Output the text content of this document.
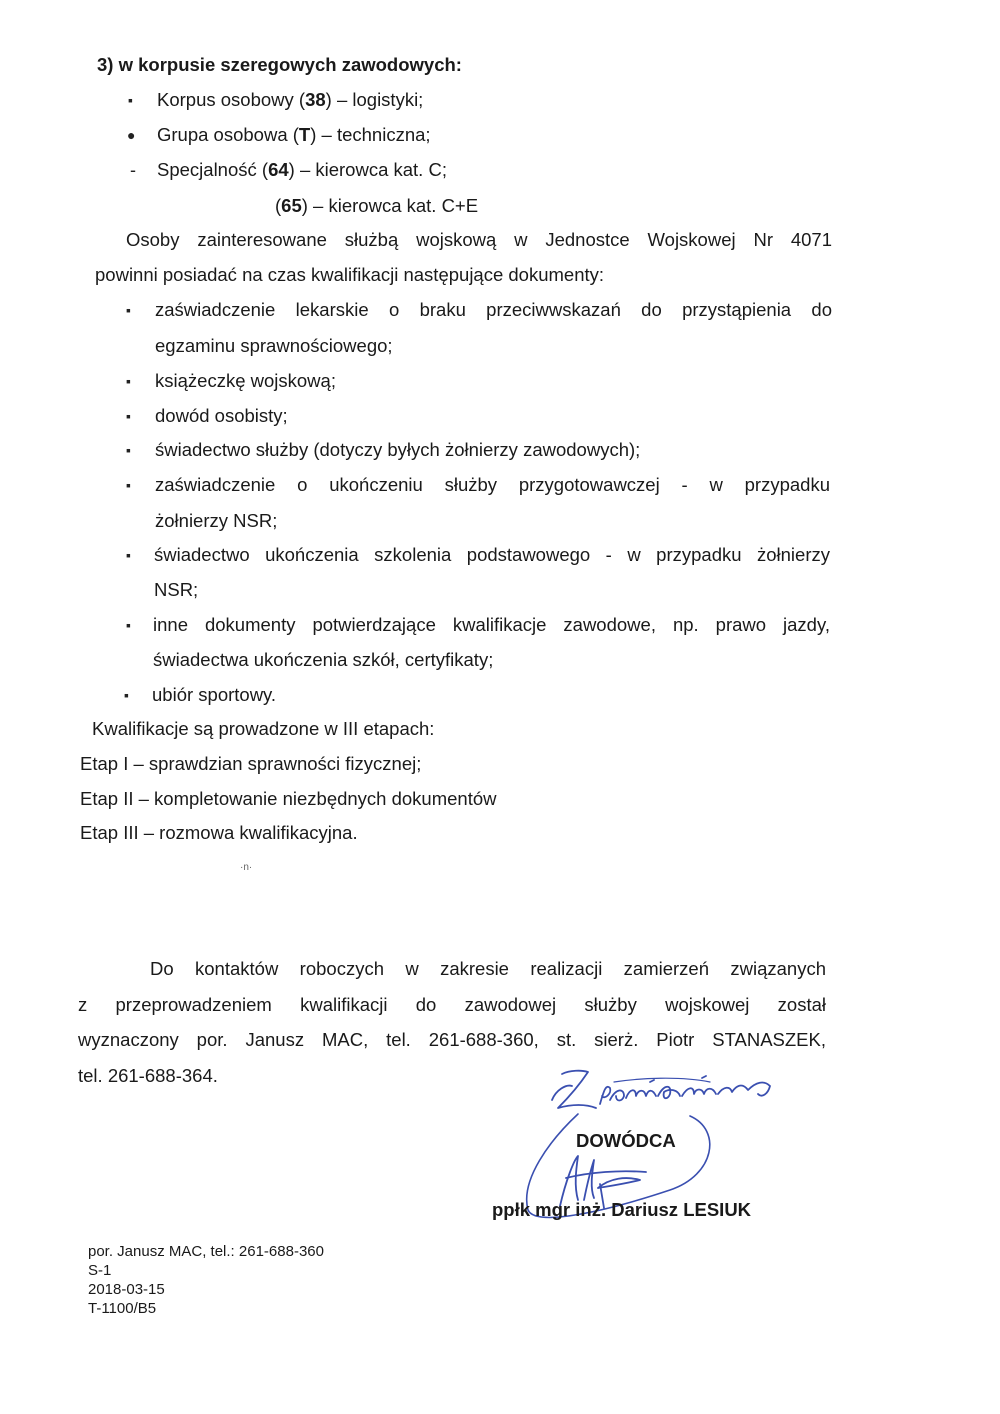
3) w korpusie szeregowych zawodowych:
▪ Korpus osobowy (38) – logistyki;
● Grupa osobowa (T) – techniczna;
- Specjalność (64) – kierowca kat. C;
(65) – kierowca kat. C+E
Osoby zainteresowane służbą wojskową w Jednostce Wojskowej Nr 4071
powinni posiadać na czas kwalifikacji następujące dokumenty:
▪ zaświadczenie lekarskie o braku przeciwwskazań do przystąpienia do
egzaminu sprawnościowego;
▪ książeczkę wojskową;
▪ dowód osobisty;
▪ świadectwo służby (dotyczy byłych żołnierzy zawodowych);
▪ zaświadczenie o ukończeniu służby przygotowawczej - w przypadku
żołnierzy NSR;
▪ świadectwo ukończenia szkolenia podstawowego - w przypadku żołnierzy
NSR;
▪ inne dokumenty potwierdzające kwalifikacje zawodowe, np. prawo jazdy,
świadectwa ukończenia szkół, certyfikaty;
▪ ubiór sportowy.
Kwalifikacje są prowadzone w III etapach:
Etap I – sprawdzian sprawności fizycznej;
Etap II – kompletowanie niezbędnych dokumentów
Etap III – rozmowa kwalifikacyjna.
·n·
Do kontaktów roboczych w zakresie realizacji zamierzeń związanych
z przeprowadzeniem kwalifikacji do zawodowej służby wojskowej został
wyznaczony por. Janusz MAC, tel. 261-688-360, st. sierż. Piotr STANASZEK,
tel. 261-688-364.
DOWÓDCA
ppłk mgr inż. Dariusz LESIUK
por. Janusz MAC, tel.: 261-688-360
S-1
2018-03-15
T-1100/B5
